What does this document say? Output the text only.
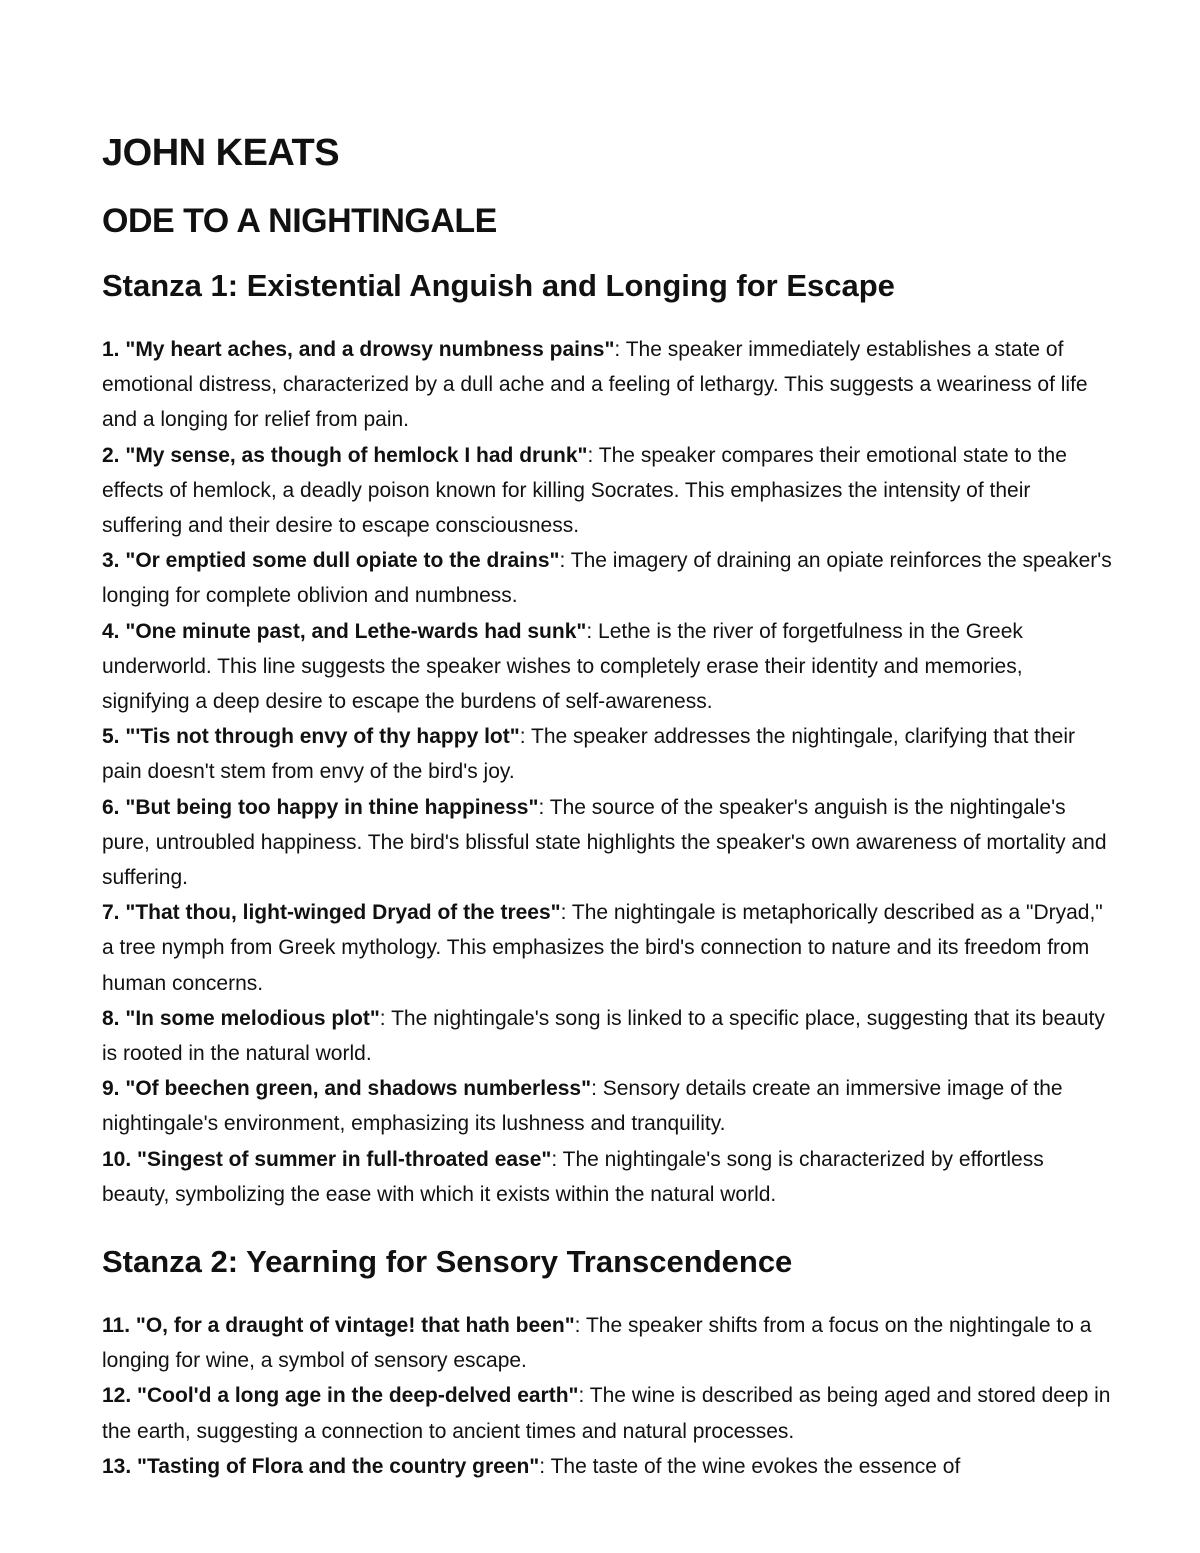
JOHN KEATS
ODE TO A NIGHTINGALE
Stanza 1: Existential Anguish and Longing for Escape

1. "My heart aches, and a drowsy numbness pains": The speaker immediately establishes a state of emotional distress, characterized by a dull ache and a feeling of lethargy. This suggests a weariness of life and a longing for relief from pain.

2. "My sense, as though of hemlock I had drunk": The speaker compares their emotional state to the effects of hemlock, a deadly poison known for killing Socrates. This emphasizes the intensity of their suffering and their desire to escape consciousness.

3. "Or emptied some dull opiate to the drains": The imagery of draining an opiate reinforces the speaker's longing for complete oblivion and numbness.

4. "One minute past, and Lethe-wards had sunk": Lethe is the river of forgetfulness in the Greek underworld. This line suggests the speaker wishes to completely erase their identity and memories, signifying a deep desire to escape the burdens of self-awareness.

5. "'Tis not through envy of thy happy lot": The speaker addresses the nightingale, clarifying that their pain doesn't stem from envy of the bird's joy.

6. "But being too happy in thine happiness": The source of the speaker's anguish is the nightingale's pure, untroubled happiness. The bird's blissful state highlights the speaker's own awareness of mortality and suffering.

7. "That thou, light-winged Dryad of the trees": The nightingale is metaphorically described as a "Dryad," a tree nymph from Greek mythology. This emphasizes the bird's connection to nature and its freedom from human concerns.

8. "In some melodious plot": The nightingale's song is linked to a specific place, suggesting that its beauty is rooted in the natural world.

9. "Of beechen green, and shadows numberless": Sensory details create an immersive image of the nightingale's environment, emphasizing its lushness and tranquility.

10. "Singest of summer in full-throated ease": The nightingale's song is characterized by effortless beauty, symbolizing the ease with which it exists within the natural world.

Stanza 2: Yearning for Sensory Transcendence

11. "O, for a draught of vintage! that hath been": The speaker shifts from a focus on the nightingale to a longing for wine, a symbol of sensory escape.

12. "Cool'd a long age in the deep-delved earth": The wine is described as being aged and stored deep in the earth, suggesting a connection to ancient times and natural processes.

13. "Tasting of Flora and the country green": The taste of the wine evokes the essence of
